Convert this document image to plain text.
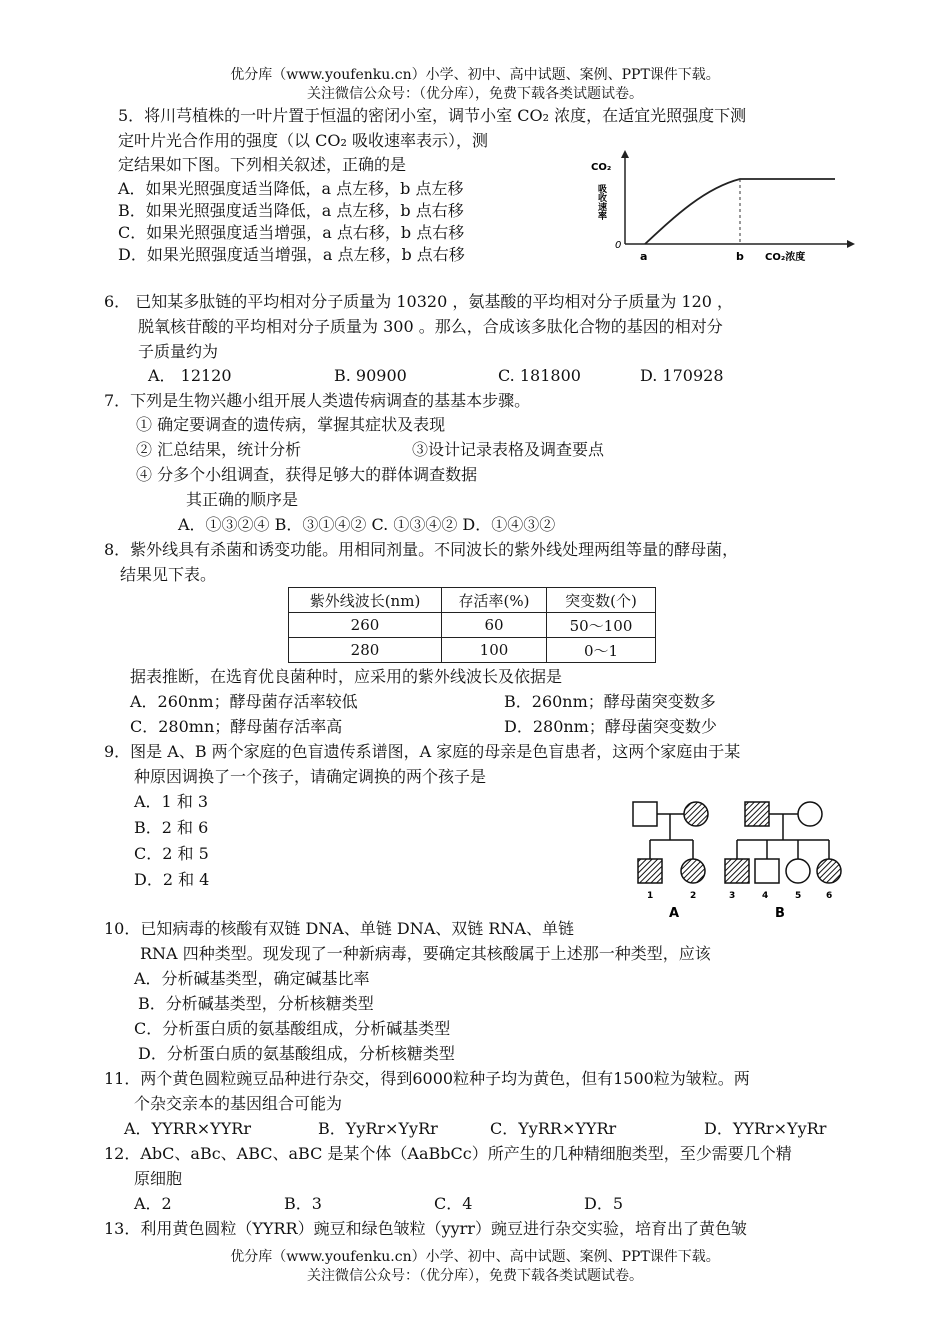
优分库（www.youfenku.cn）小学、初中、高中试题、案例、PPT课件下载。
关注微信公众号：（优分库），免费下载各类试题试卷。
5．将川芎植株的一叶片置于恒温的密闭小室，调节小室 CO₂ 浓度，在适宜光照强度下测
定叶片光合作用的强度（以 CO₂ 吸收速率表示），测
定结果如下图。下列相关叙述，正确的是
A．如果光照强度适当降低，a 点左移，b 点左移
B．如果光照强度适当降低，a 点左移，b 点右移
C．如果光照强度适当增强，a 点右移，b 点右移
D．如果光照强度适当增强，a 点左移，b 点右移
CO₂
吸收速率
0
a	b CO₂浓度
6． 已知某多肽链的平均相对分子质量为 10320 ，氨基酸的平均相对分子质量为 120 ，
脱氧核苷酸的平均相对分子质量为 300 。那么，合成该多肽化合物的基因的相对分
子质量约为
A． 12120	B. 90900	C. 181800	D. 170928
7．下列是生物兴趣小组开展人类遗传病调查的基基本步骤。
① 确定要调查的遗传病，掌握其症状及表现
② 汇总结果，统计分析	③设计记录表格及调查要点
④ 分多个小组调查，获得足够大的群体调查数据
其正确的顺序是
A．①③②④ B．③①④② C. ①③④② D．①④③②
8．紫外线具有杀菌和诱变功能。用相同剂量。不同波长的紫外线处理两组等量的酵母菌，
结果见下表。
紫外线波长(nm)	存活率(%)	突变数(个)
260	60	50～100
280	100	0～1
据表推断，在选育优良菌种时，应采用的紫外线波长及依据是
A．260nm；酵母菌存活率较低	B．260nm；酵母菌突变数多
C．280mn；酵母菌存活率高	D．280nm；酵母菌突变数少
9．图是 A、B 两个家庭的色盲遗传系谱图，A 家庭的母亲是色盲患者，这两个家庭由于某
种原因调换了一个孩子，请确定调换的两个孩子是
A．1 和 3
B．2 和 6
C．2 和 5
D．2 和 4
1	2	3	4	5	6
A	B
10．已知病毒的核酸有双链 DNA、单链 DNA、双链 RNA、单链
RNA 四种类型。现发现了一种新病毒，要确定其核酸属于上述那一种类型，应该
A．分析碱基类型，确定碱基比率
B．分析碱基类型，分析核糖类型
C．分析蛋白质的氨基酸组成，分析碱基类型
D．分析蛋白质的氨基酸组成，分析核糖类型
11．两个黄色圆粒豌豆品种进行杂交，得到6000粒种子均为黄色，但有1500粒为皱粒。两
个杂交亲本的基因组合可能为
A．YYRR×YYRr	B．YyRr×YyRr	C．YyRR×YYRr	D．YYRr×YyRr
12．AbC、aBc、ABC、aBC 是某个体（AaBbCc）所产生的几种精细胞类型，至少需要几个精
原细胞
A．2	B．3	C．4	D．5
13．利用黄色圆粒（YYRR）豌豆和绿色皱粒（yyrr）豌豆进行杂交实验，培育出了黄色皱
优分库（www.youfenku.cn）小学、初中、高中试题、案例、PPT课件下载。
关注微信公众号：（优分库），免费下载各类试题试卷。
